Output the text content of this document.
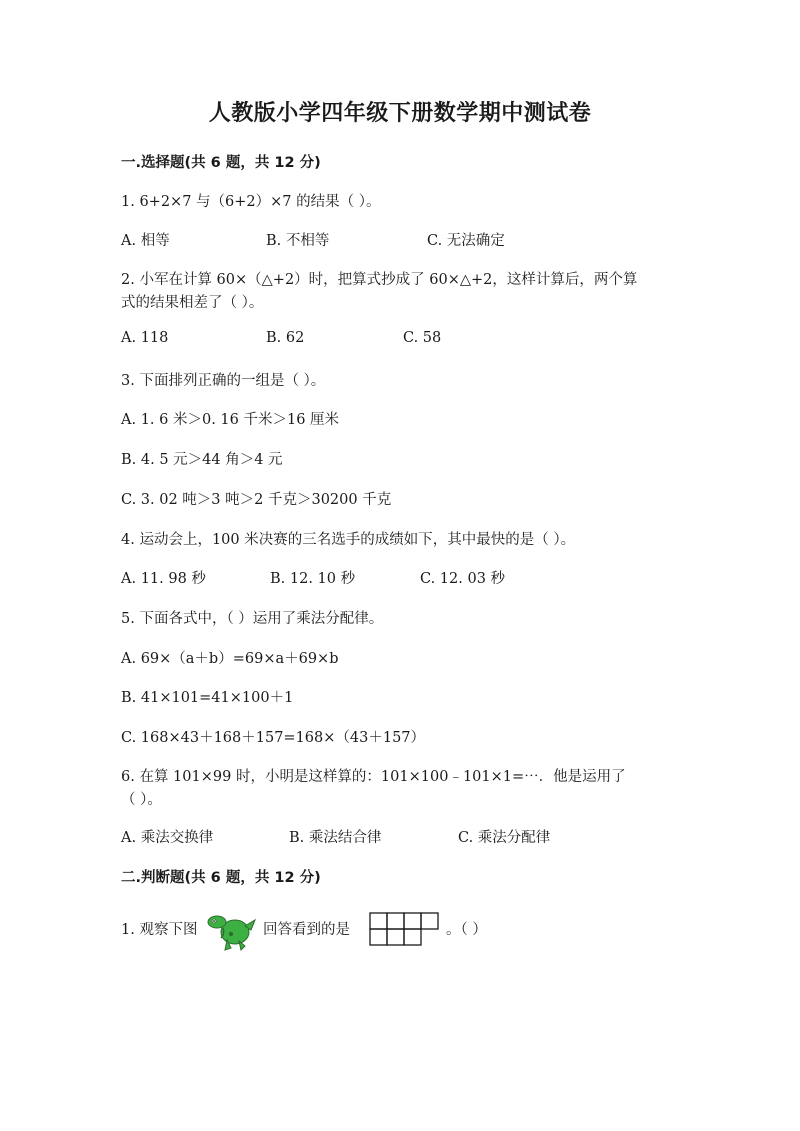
人教版小学四年级下册数学期中测试卷
一.选择题(共 6 题，共 12 分)
1. 6+2×7 与（6+2）×7 的结果（ ）。
A. 相等	B. 不相等	C. 无法确定
2. 小军在计算 60×（△+2）时，把算式抄成了 60×△+2，这样计算后，两个算
式的结果相差了（ ）。
A. 118	B. 62	C. 58
3. 下面排列正确的一组是（ ）。
A. 1. 6 米＞0. 16 千米＞16 厘米
B. 4. 5 元＞44 角＞4 元
C. 3. 02 吨＞3 吨＞2 千克＞30200 千克
4. 运动会上，100 米决赛的三名选手的成绩如下，其中最快的是（ ）。
A. 11. 98 秒	B. 12. 10 秒	C. 12. 03 秒
5. 下面各式中，（ ）运用了乘法分配律。
A. 69×（a＋b）=69×a＋69×b
B. 41×101=41×100＋1
C. 168×43＋168＋157=168×（43＋157）
6. 在算 101×99 时，小明是这样算的：101×100﹣101×1=⋯．他是运用了
（ ）。
A. 乘法交换律	B. 乘法结合律	C. 乘法分配律
二.判断题(共 6 题，共 12 分)
1. 观察下图	回答看到的是	。（ ）
